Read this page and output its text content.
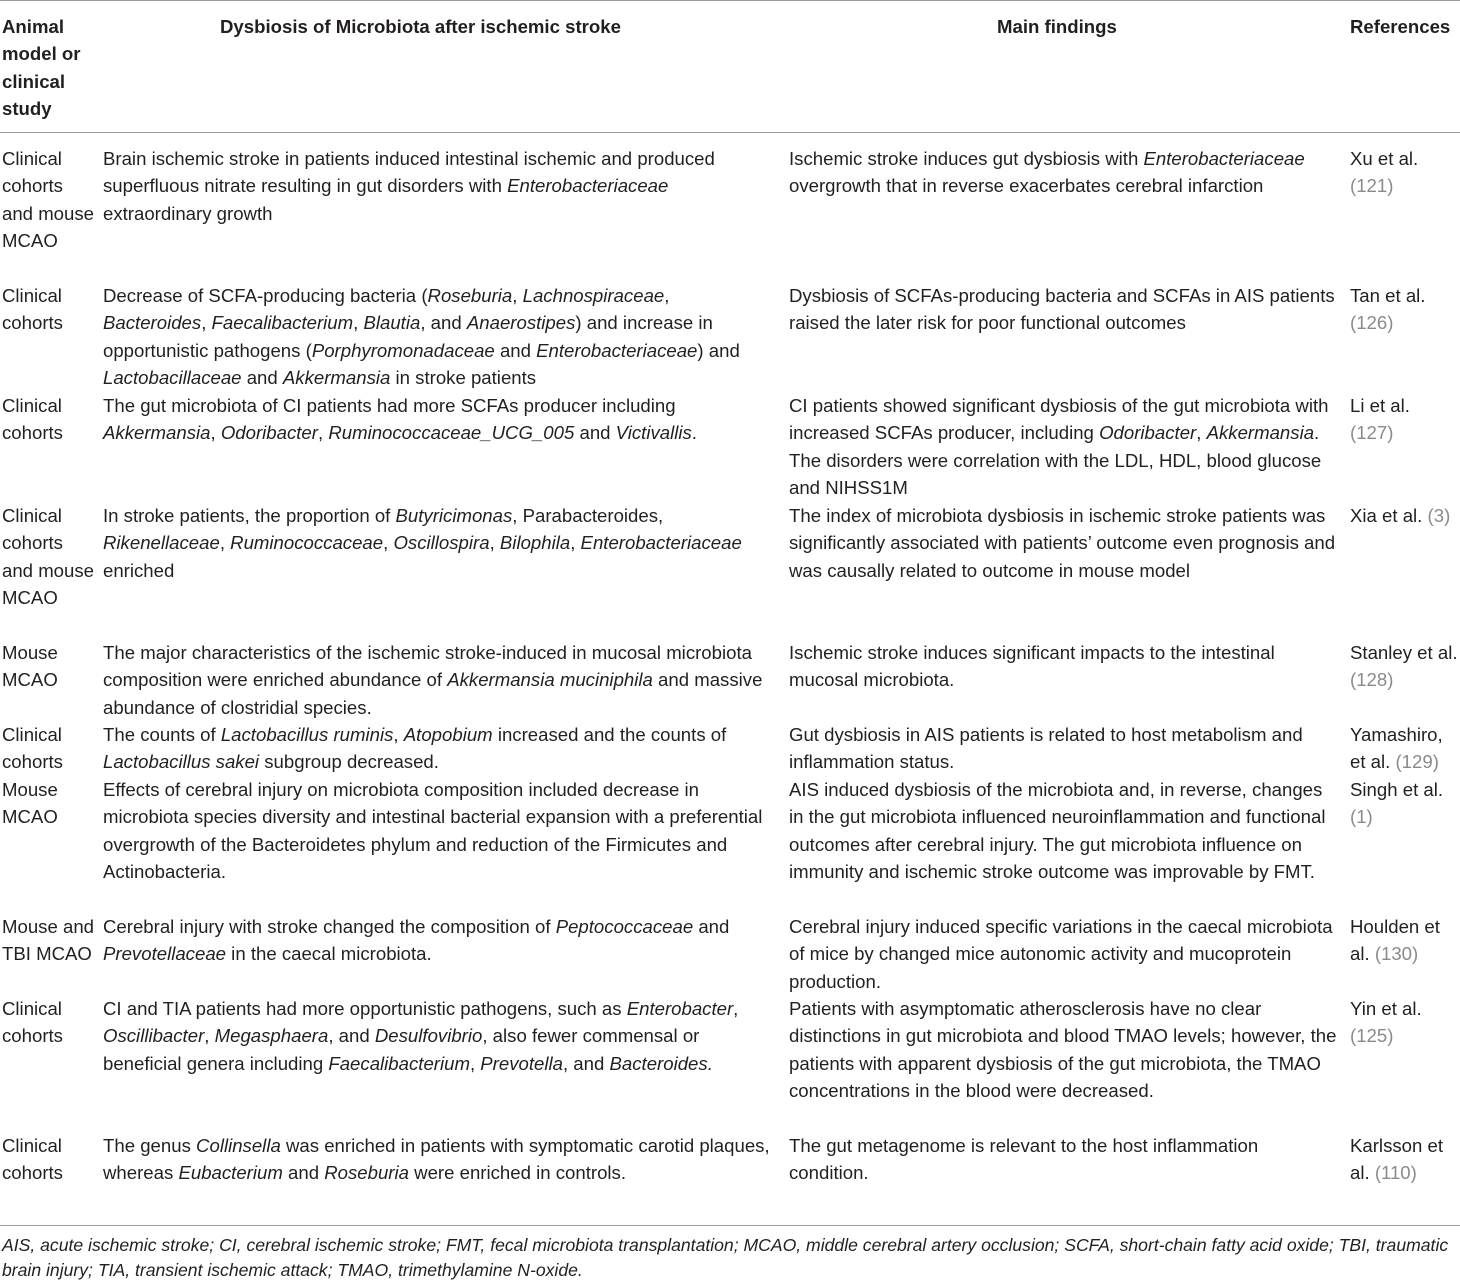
Animal model or clinical study
Dysbiosis of Microbiota after ischemic stroke	Main findings	References
Clinical cohorts and mouse MCAO
Brain ischemic stroke in patients induced intestinal ischemic and produced superfluous nitrate resulting in gut disorders with Enterobacteriaceae extraordinary growth
Ischemic stroke induces gut dysbiosis with Enterobacteriaceae overgrowth that in reverse exacerbates cerebral infarction
Xu et al. (121)
Clinical cohorts
Decrease of SCFA-producing bacteria (Roseburia, Lachnospiraceae, Bacteroides, Faecalibacterium, Blautia, and Anaerostipes) and increase in opportunistic pathogens (Porphyromonadaceae and Enterobacteriaceae) and Lactobacillaceae and Akkermansia in stroke patients
Dysbiosis of SCFAs-producing bacteria and SCFAs in AIS patients raised the later risk for poor functional outcomes
Tan et al. (126)
Clinical cohorts
The gut microbiota of CI patients had more SCFAs producer including Akkermansia, Odoribacter, Ruminococcaceae_UCG_005 and Victivallis.
CI patients showed significant dysbiosis of the gut microbiota with increased SCFAs producer, including Odoribacter, Akkermansia. The disorders were correlation with the LDL, HDL, blood glucose and NIHSS1M
Li et al. (127)
Clinical cohorts and mouse MCAO
In stroke patients, the proportion of Butyricimonas, Parabacteroides, Rikenellaceae, Ruminococcaceae, Oscillospira, Bilophila, Enterobacteriaceae enriched
The index of microbiota dysbiosis in ischemic stroke patients was significantly associated with patients’ outcome even prognosis and was causally related to outcome in mouse model
Xia et al. (3)
Mouse MCAO
The major characteristics of the ischemic stroke-induced in mucosal microbiota composition were enriched abundance of Akkermansia muciniphila and massive abundance of clostridial species.
Ischemic stroke induces significant impacts to the intestinal mucosal microbiota.
Stanley et al. (128)
Clinical cohorts
The counts of Lactobacillus ruminis, Atopobium increased and the counts of Lactobacillus sakei subgroup decreased.
Gut dysbiosis in AIS patients is related to host metabolism and inflammation status.
Yamashiro, et al. (129)
Mouse MCAO
Effects of cerebral injury on microbiota composition included decrease in microbiota species diversity and intestinal bacterial expansion with a preferential overgrowth of the Bacteroidetes phylum and reduction of the Firmicutes and Actinobacteria.
AIS induced dysbiosis of the microbiota and, in reverse, changes in the gut microbiota influenced neuroinflammation and functional outcomes after cerebral injury. The gut microbiota influence on immunity and ischemic stroke outcome was improvable by FMT.
Singh et al. (1)
Mouse and TBI MCAO
Cerebral injury with stroke changed the composition of Peptococcaceae and Prevotellaceae in the caecal microbiota.
Cerebral injury induced specific variations in the caecal microbiota of mice by changed mice autonomic activity and mucoprotein production.
Houlden et al. (130)
Clinical cohorts
CI and TIA patients had more opportunistic pathogens, such as Enterobacter, Oscillibacter, Megasphaera, and Desulfovibrio, also fewer commensal or beneficial genera including Faecalibacterium, Prevotella, and Bacteroides.
Patients with asymptomatic atherosclerosis have no clear distinctions in gut microbiota and blood TMAO levels; however, the patients with apparent dysbiosis of the gut microbiota, the TMAO concentrations in the blood were decreased.
Yin et al. (125)
Clinical cohorts
The genus Collinsella was enriched in patients with symptomatic carotid plaques, whereas Eubacterium and Roseburia were enriched in controls.
The gut metagenome is relevant to the host inflammation condition.
Karlsson et al. (110)
AIS, acute ischemic stroke; CI, cerebral ischemic stroke; FMT, fecal microbiota transplantation; MCAO, middle cerebral artery occlusion; SCFA, short-chain fatty acid oxide; TBI, traumatic brain injury; TIA, transient ischemic attack; TMAO, trimethylamine N-oxide.
